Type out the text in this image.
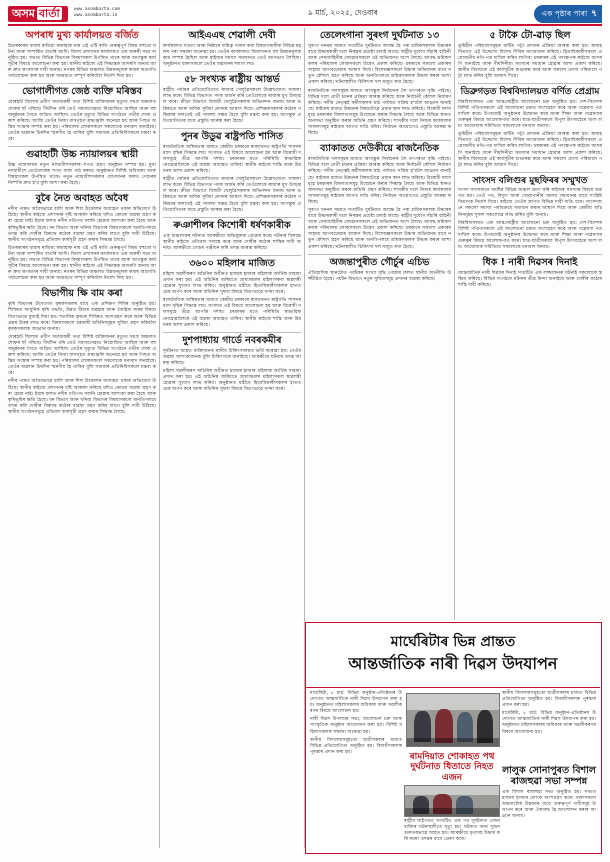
অসম বাৰ্তা	www.asombarta.com
www.asombarta.in	৯ মাৰ্চ, ২০২৫, দেওবাৰ	এক পৃষ্ঠাৰ পাৰা ৭
অপৰাধ মুখ্য কাৰ্যালয়ত বৰ্জিত

চিতৰকাৰৰ বাবাৰ ৰাতিয়া কামাহাক নাম এই এটি ৰাতি গুৰুত্বপূৰ্ণ বিষয় বহুতো ঘটনা আৰু সম্পৰ্কিত বাতৰি আদি। জিলা প্ৰশাসনৰ কাৰ্যালয়ত এক জৰুৰী সভা অনুষ্ঠিত হয়। সভাত বিভিন্ন বিভাগৰ বিষয়াসকল উপস্থিত থাকে আৰু আগন্তুক কাৰ্যসূচীৰ বিষয়ে আলোচনা কৰা হয়। স্থানীয় ৰাইজে এই সিদ্ধান্তক আদৰণি জনায় আৰু দ্ৰুত ৰূপায়ণৰ দাবী জনায়। নগৰৰ বিভিন্ন অঞ্চলত উন্নয়নমূলক কামৰ অগ্ৰগতি পৰ্যালোচনা কৰা হয় আৰু সময়মতে সম্পূৰ্ণ কৰিবলৈ নিৰ্দেশ দিয়া হয়।

ভোগালীগত জেষ্ঠ ব্যক্তি মৰিস্তব

যোৰহাট জিলাৰ প্ৰবীণ সমাজকৰ্মী তথা বিশিষ্ট ব্যক্তিজনৰ মৃত্যুত সমগ্ৰ অঞ্চলত শোকৰ ছাঁ পৰিছে। দীৰ্ঘদিন ধৰি তেওঁ সমাজসেৱাত নিয়োজিত আছিল আৰু বহু অনুষ্ঠানৰ সৈতে জড়িত আছিল। তেওঁৰ মৃত্যুত বিভিন্ন সংগঠনে গভীৰ শোক প্ৰকাশ কৰিছে। আজি তেওঁৰ নিজা বাসগৃহত শ্ৰদ্ধাঞ্জলি জনোৱা হয় আৰু পিছত অন্তিম সংস্কাৰ সম্পন্ন কৰা হয়। পৰিয়ালৰ লোকসকলে সকলোকে ধন্যবাদ জনাইছে। তেওঁৰ অৱদান চিৰদিন স্মৰণীয় হৈ থাকিব বুলি সমাজৰ প্ৰতিনিধিসকলে মন্তব্য কৰে।

গুৱাহাটী উচ্চ ন্যায়ালয়ৰ স্থায়ী

উচ্চ ন্যায়ালয়ৰ নতুন ন্যায়াধীশসকলৰ শপত গ্ৰহণ অনুষ্ঠান সম্পন্ন হয়। মুখ্য ন্যায়াধীশে তেওঁলোকক শপত বাক্য পাঠ কৰায়। অনুষ্ঠানত বিশিষ্ট অধিবক্তা আৰু বিষয়াসকল উপস্থিত থাকে। নতুন ন্যায়াধীশসকলৰ যোগদানৰ ফলত গোচৰৰ নিষ্পত্তি দ্ৰুত হ'ব বুলি আশা কৰা হৈছে।

বুৰৈ নৈত অবাহত অবৈধ

নদীৰ পাৰত অবৈধভাৱে বালি আৰু শিল উত্তোলন অব্যাহত থকাৰ অভিযোগ উঠিছে। স্থানীয় ৰাইজে প্ৰশাসনৰ দৃষ্টি আকৰ্ষণ কৰিছে যদিও কোনো ব্যৱস্থা গ্ৰহণ কৰা হোৱা নাই। ইয়াৰ ফলত নদীৰ গতিপথ সলনি হোৱাৰ আশংকা কৰা হৈছে আৰু কৃষিভূমিৰ ক্ষতি হৈছে। বন বিভাগ আৰু খনিজ বিভাগৰ বিষয়াসকলে অনতিপলমে তদন্ত কৰি দোষীৰ বিৰুদ্ধে কঠোৰ ব্যৱস্থা গ্ৰহণ কৰিব লাগে বুলি দাবী উঠিছে। স্থানীয় সংগঠনসমূহে প্ৰতিবাদ কাৰ্যসূচী গ্ৰহণ কৰাৰ সিদ্ধান্ত লৈছে।

চিতৰকাৰৰ বাবাৰ ৰাতিয়া কামাহাক নাম এই এটি ৰাতি গুৰুত্বপূৰ্ণ বিষয় বহুতো ঘটনা আৰু সম্পৰ্কিত বাতৰি আদি। জিলা প্ৰশাসনৰ কাৰ্যালয়ত এক জৰুৰী সভা অনুষ্ঠিত হয়। সভাত বিভিন্ন বিভাগৰ বিষয়াসকল উপস্থিত থাকে আৰু আগন্তুক কাৰ্যসূচীৰ বিষয়ে আলোচনা কৰা হয়। স্থানীয় ৰাইজে এই সিদ্ধান্তক আদৰণি জনায় আৰু দ্ৰুত ৰূপায়ণৰ দাবী জনায়। নগৰৰ বিভিন্ন অঞ্চলত উন্নয়নমূলক কামৰ অগ্ৰগতি পৰ্যালোচনা কৰা হয় আৰু সময়মতে সম্পূৰ্ণ কৰিবলৈ নিৰ্দেশ দিয়া হয়।

বিভাগীয় ক্ষি বাম কৰা

কৃষি বিভাগৰ উদ্যোগত কৃষকসকলৰ বাবে এক প্ৰশিক্ষণ শিবিৰ অনুষ্ঠিত হয়। শিবিৰত আধুনিক কৃষি পদ্ধতি, উন্নত বীজৰ ব্যৱহাৰ আৰু জৈৱিক সাৰৰ বিষয়ে বিতংভাৱে বুজাই দিয়া হয়। শতাধিক কৃষকে শিবিৰত অংশগ্ৰহণ কৰে আৰু বিভিন্ন প্ৰশ্নৰ উত্তৰ লাভ কৰে। বিষয়াসকলে চৰকাৰী আঁচনিসমূহৰ সুবিধা গ্ৰহণ কৰিবলৈ কৃষকসকলক আহ্বান জনায়।

যোৰহাট জিলাৰ প্ৰবীণ সমাজকৰ্মী তথা বিশিষ্ট ব্যক্তিজনৰ মৃত্যুত সমগ্ৰ অঞ্চলত শোকৰ ছাঁ পৰিছে। দীৰ্ঘদিন ধৰি তেওঁ সমাজসেৱাত নিয়োজিত আছিল আৰু বহু অনুষ্ঠানৰ সৈতে জড়িত আছিল। তেওঁৰ মৃত্যুত বিভিন্ন সংগঠনে গভীৰ শোক প্ৰকাশ কৰিছে। আজি তেওঁৰ নিজা বাসগৃহত শ্ৰদ্ধাঞ্জলি জনোৱা হয় আৰু পিছত অন্তিম সংস্কাৰ সম্পন্ন কৰা হয়। পৰিয়ালৰ লোকসকলে সকলোকে ধন্যবাদ জনাইছে। তেওঁৰ অৱদান চিৰদিন স্মৰণীয় হৈ থাকিব বুলি সমাজৰ প্ৰতিনিধিসকলে মন্তব্য কৰে।

নদীৰ পাৰত অবৈধভাৱে বালি আৰু শিল উত্তোলন অব্যাহত থকাৰ অভিযোগ উঠিছে। স্থানীয় ৰাইজে প্ৰশাসনৰ দৃষ্টি আকৰ্ষণ কৰিছে যদিও কোনো ব্যৱস্থা গ্ৰহণ কৰা হোৱা নাই। ইয়াৰ ফলত নদীৰ গতিপথ সলনি হোৱাৰ আশংকা কৰা হৈছে আৰু কৃষিভূমিৰ ক্ষতি হৈছে। বন বিভাগ আৰু খনিজ বিভাগৰ বিষয়াসকলে অনতিপলমে তদন্ত কৰি দোষীৰ বিৰুদ্ধে কঠোৰ ব্যৱস্থা গ্ৰহণ কৰিব লাগে বুলি দাবী উঠিছে। স্থানীয় সংগঠনসমূহে প্ৰতিবাদ কাৰ্যসূচী গ্ৰহণ কৰাৰ সিদ্ধান্ত লৈছে।

আইএএছ শেৱালী দেবী

কাৰ্যকালত সততা আৰু নিষ্ঠাৰে দায়িত্ব পালন কৰা বিষয়াগৰাকীক বিভিন্ন মহলৰ পৰা সম্বৰ্ধনা জনোৱা হয়। তেওঁৰ কাৰ্যকালত জিলাখনত বহু উন্নয়নমূলক কাম সম্পন্ন হৈছিল আৰু ৰাইজৰ সমস্যা সমাধানত তেওঁ আগভাগ লৈছিল। অনুষ্ঠানত বক্তাসকলে তেওঁৰ অৱদানৰ শলাগ লয়।

৫৮ সংখ্যক ৰাষ্ট্ৰীয় আন্তৰ্ভ

ৰাষ্ট্ৰীয় পৰ্যায়ৰ প্ৰতিযোগিতাত ৰাজ্যৰ খেলুৱৈসকলে উল্লেখযোগ্য সাফল্য লাভ কৰে। বিভিন্ন বিভাগত পদক অৰ্জন কৰি তেওঁলোকে ৰাজ্যৰ মুখ উজ্জ্বল কৰে। ক্ৰীড়া বিভাগে বিজয়ী খেলুৱৈসকলক অভিনন্দন জনায় আৰু ভৱিষ্যতে আৰু অধিক সুবিধা প্ৰদানৰ আশ্বাস দিয়ে। প্ৰশিক্ষকসকলৰ কঠোৰ পৰিশ্ৰমৰ ফলতেই এই সাফল্য সম্ভৱ হৈছে বুলি মন্তব্য কৰা হয়। আগন্তুক প্ৰতিযোগিতাৰ বাবে প্ৰস্তুতি আৰম্ভ কৰা হৈছে।

পুনৰ উডুৱ ৰাষ্ট্ৰপতি শাসিত

ৰাজনৈতিক অস্থিৰতাৰ মাজত কেন্দ্ৰীয় চৰকাৰে ৰাজ্যখনত ৰাষ্ট্ৰপতি শাসনৰ ম্যাদ বৃদ্ধিৰ সিদ্ধান্ত লয়। সংসদত এই বিষয়ে আলোচনা হয় আৰু বিৰোধী দলসমূহে তীব্ৰ আপত্তি দৰ্শায়। চৰকাৰৰ মতে পৰিস্থিতি স্বাভাৱিক নোহোৱালৈকে এই ব্যৱস্থা অব্যাহত থাকিব। স্থানীয় ৰাইজে শান্তি আৰু উন্নয়নৰ আশা প্ৰকাশ কৰিছে।

ৰাষ্ট্ৰীয় পৰ্যায়ৰ প্ৰতিযোগিতাত ৰাজ্যৰ খেলুৱৈসকলে উল্লেখযোগ্য সাফল্য লাভ কৰে। বিভিন্ন বিভাগত পদক অৰ্জন কৰি তেওঁলোকে ৰাজ্যৰ মুখ উজ্জ্বল কৰে। ক্ৰীড়া বিভাগে বিজয়ী খেলুৱৈসকলক অভিনন্দন জনায় আৰু ভৱিষ্যতে আৰু অধিক সুবিধা প্ৰদানৰ আশ্বাস দিয়ে। প্ৰশিক্ষকসকলৰ কঠোৰ পৰিশ্ৰমৰ ফলতেই এই সাফল্য সম্ভৱ হৈছে বুলি মন্তব্য কৰা হয়। আগন্তুক প্ৰতিযোগিতাৰ বাবে প্ৰস্তুতি আৰম্ভ কৰা হৈছে।

ৰুঞাশীলৰ কিশোৰী ধৰ্ষণকাৰীক

এক চাঞ্চল্যকৰ ঘটনাত আৰক্ষীয়ে অভিযুক্তক গ্ৰেপ্তাৰ কৰে। ঘটনাৰ বিৰুদ্ধে স্থানীয় ৰাইজে প্ৰতিবাদ সাব্যস্ত কৰে আৰু দোষীৰ কঠোৰ শাস্তিৰ দাবী জনায়। আৰক্ষীয়ে গোচৰ পঞ্জীয়ন কৰি তদন্ত আৰম্ভ কৰিছে।

৩৬০০ মহিলাৰ মাজিত

মহিলা সৱলীকৰণ আঁচনিৰ অধীনত হাজাৰ হাজাৰ মহিলাক আৰ্থিক সাহায্য প্ৰদান কৰা হয়। এই আঁচনিৰ জৰিয়তে গ্ৰাম্যাঞ্চলৰ মহিলাসকল স্বাৱলম্বী হোৱাৰ সুযোগ লাভ কৰিব। অনুষ্ঠানত মন্ত্ৰীয়ে হিতাধিকাৰীসকলৰ হাতত চেক অৰ্পণ কৰে আৰু আঁচনিৰ সুফল বিষয়ে বিতংভাৱে বৰ্ণনা কৰে।

ৰাজনৈতিক অস্থিৰতাৰ মাজত কেন্দ্ৰীয় চৰকাৰে ৰাজ্যখনত ৰাষ্ট্ৰপতি শাসনৰ ম্যাদ বৃদ্ধিৰ সিদ্ধান্ত লয়। সংসদত এই বিষয়ে আলোচনা হয় আৰু বিৰোধী দলসমূহে তীব্ৰ আপত্তি দৰ্শায়। চৰকাৰৰ মতে পৰিস্থিতি স্বাভাৱিক নোহোৱালৈকে এই ব্যৱস্থা অব্যাহত থাকিব। স্থানীয় ৰাইজে শান্তি আৰু উন্নয়নৰ আশা প্ৰকাশ কৰিছে।

দুশপাধ্যায় গাৰ্ডে নবৰকমীৰ

দূৰ্ঘটনাত আহত ব্যক্তিজনক স্থানীয় চিকিৎসালয়ত ভৰ্তি কৰোৱা হয়। তেওঁৰ অৱস্থা আশংকাজনক বুলি চিকিৎসকে জনাইছে। আৰক্ষীয়ে ঘটনাৰ তদন্ত আৰম্ভ কৰিছে।

মহিলা সৱলীকৰণ আঁচনিৰ অধীনত হাজাৰ হাজাৰ মহিলাক আৰ্থিক সাহায্য প্ৰদান কৰা হয়। এই আঁচনিৰ জৰিয়তে গ্ৰাম্যাঞ্চলৰ মহিলাসকল স্বাৱলম্বী হোৱাৰ সুযোগ লাভ কৰিব। অনুষ্ঠানত মন্ত্ৰীয়ে হিতাধিকাৰীসকলৰ হাতত চেক অৰ্পণ কৰে আৰু আঁচনিৰ সুফল বিষয়ে বিতংভাৱে বৰ্ণনা কৰে।

তেলেংগানা সুৰংগ দুৰ্ঘটনাত ১৩

সুৰংগ খননৰ সময়ত সংঘটিত দুৰ্ঘটনাত আবদ্ধ হৈ পৰা শ্ৰমিকসকলক উদ্ধাৰৰ বাবে উদ্ধাৰকাৰী দলে নিৰন্তৰ প্ৰচেষ্টা চলাই আছে। ৰাষ্ট্ৰীয় দুৰ্যোগ সঁহাৰি বাহিনী আৰু সেনাবাহিনীৰ জোৱানসকলে এই অভিযানত অংশ লৈছে। আবদ্ধ শ্ৰমিকসকলৰ পৰিয়ালৰ লোকসকলে উদ্বেগ প্ৰকাশ কৰিছে। চৰকাৰে সকলো প্ৰকাৰৰ সাহায্য আগবঢ়োৱাৰ আশ্বাস দিছে। বিশেষজ্ঞসকলে উদ্ধাৰ অভিযানৰ বাবে নতুন কৌশল গ্ৰহণ কৰিছে আৰু অনতিপলমে শ্ৰমিকসকলক উদ্ধাৰ কৰাৰ আশা প্ৰকাশ কৰিছে। ঘটনাস্থলীত চিকিৎসা দল মজুত ৰখা হৈছে।

ৰাজনৈতিক দলসমূহৰ মাজত আগন্তুক নিৰ্বাচনক লৈ তৎপৰতা বৃদ্ধি পাইছে। বিভিন্ন দলে প্ৰাৰ্থী চয়নৰ প্ৰক্ৰিয়া আৰম্ভ কৰিছে আৰু নিৰ্বাচনী কৌশল নিৰ্ধাৰণ কৰিছে। দলীয় নেতৃত্বই কৰ্মীসকলক মাঠ পৰ্যায়ত সক্ৰিয় হ'বলৈ আহ্বান জনাইছে। ৰাইজৰ মাজত উন্নয়নৰ বিষয়টোৱে প্ৰধান স্থান লাভ কৰিছে। বিৰোধী দলসমূহে চৰকাৰৰ বিফলতাসমূহ উন্মোচন কৰাৰ সিদ্ধান্ত লৈছে আৰু বিভিন্ন স্থানত জনসভা অনুষ্ঠিত কৰাৰ আঁচনি গ্ৰহণ কৰিছে। শাসকীয় দলে নিজৰ কাৰ্যকালৰ সাফল্যসমূহ ৰাইজৰ আগত দাঙি ধৰিব। নিৰ্বাচন আয়োগেও প্ৰস্তুতি আৰম্ভ কৰিছে।

ব্যাকাতত দেউকীয়ে ৰাজনৈতিক

ৰাজনৈতিক দলসমূহৰ মাজত আগন্তুক নিৰ্বাচনক লৈ তৎপৰতা বৃদ্ধি পাইছে। বিভিন্ন দলে প্ৰাৰ্থী চয়নৰ প্ৰক্ৰিয়া আৰম্ভ কৰিছে আৰু নিৰ্বাচনী কৌশল নিৰ্ধাৰণ কৰিছে। দলীয় নেতৃত্বই কৰ্মীসকলক মাঠ পৰ্যায়ত সক্ৰিয় হ'বলৈ আহ্বান জনাইছে। ৰাইজৰ মাজত উন্নয়নৰ বিষয়টোৱে প্ৰধান স্থান লাভ কৰিছে। বিৰোধী দলসমূহে চৰকাৰৰ বিফলতাসমূহ উন্মোচন কৰাৰ সিদ্ধান্ত লৈছে আৰু বিভিন্ন স্থানত জনসভা অনুষ্ঠিত কৰাৰ আঁচনি গ্ৰহণ কৰিছে। শাসকীয় দলে নিজৰ কাৰ্যকালৰ সাফল্যসমূহ ৰাইজৰ আগত দাঙি ধৰিব। নিৰ্বাচন আয়োগেও প্ৰস্তুতি আৰম্ভ কৰিছে।

সুৰংগ খননৰ সময়ত সংঘটিত দুৰ্ঘটনাত আবদ্ধ হৈ পৰা শ্ৰমিকসকলক উদ্ধাৰৰ বাবে উদ্ধাৰকাৰী দলে নিৰন্তৰ প্ৰচেষ্টা চলাই আছে। ৰাষ্ট্ৰীয় দুৰ্যোগ সঁহাৰি বাহিনী আৰু সেনাবাহিনীৰ জোৱানসকলে এই অভিযানত অংশ লৈছে। আবদ্ধ শ্ৰমিকসকলৰ পৰিয়ালৰ লোকসকলে উদ্বেগ প্ৰকাশ কৰিছে। চৰকাৰে সকলো প্ৰকাৰৰ সাহায্য আগবঢ়োৱাৰ আশ্বাস দিছে। বিশেষজ্ঞসকলে উদ্ধাৰ অভিযানৰ বাবে নতুন কৌশল গ্ৰহণ কৰিছে আৰু অনতিপলমে শ্ৰমিকসকলক উদ্ধাৰ কৰাৰ আশা প্ৰকাশ কৰিছে। ঘটনাস্থলীত চিকিৎসা দল মজুত ৰখা হৈছে।

অজন্তাপুৰীত গৌৰ্চুৰ এচিভ

ঐতিহাসিক স্থানটোত পৰ্যটকৰ সংখ্যা বৃদ্ধি পোৱাৰ ফলত স্থানীয় অৰ্থনীতি উজ্জীৱিত হৈছে। পৰ্যটন বিভাগে নতুন সুবিধাসমূহ প্ৰদানৰ ব্যৱস্থা কৰিছে।

৫ টাকৈ টো-ৱাড় ছিল

ভূমিহীন পৰিয়ালসমূহক মাটিৰ পট্টা প্ৰদানৰ প্ৰক্ৰিয়া আৰম্ভ কৰা হয়। ৰাজহ বিভাগে এই উদ্দেশ্যে বিশেষ শিবিৰ আয়োজন কৰিছে। হিতাধিকাৰীসকলে প্ৰয়োজনীয় নথি-পত্ৰ দাখিল কৰিব লাগিব। চৰকাৰৰ এই পদক্ষেপক ৰাইজে আদৰণি জনাইছে আৰু দীৰ্ঘদিনীয়া সমস্যাৰ সমাধান হোৱাৰ আশা প্ৰকাশ কৰিছে। স্থানীয় বিধায়কে এই কাৰ্যসূচীৰ শুভাৰম্ভ কৰে আৰু সকলো যোগ্য পৰিয়ালে পট্টা লাভ কৰিব বুলি আশ্বাস দিয়ে।

ডিব্ৰুগড়ত বিশ্ববিদ্যালয়ত বৰ্ণিত প্ৰেগ্ৰাম

বিশ্ববিদ্যালয়ত এক আন্তঃৰাষ্ট্ৰীয় আলোচনা চক্ৰ অনুষ্ঠিত হয়। দেশ-বিদেশৰ বিশিষ্ট পণ্ডিতসকলে এই আলোচনা চক্ৰত অংশগ্ৰহণ কৰে আৰু গৱেষণা পত্ৰ দাখিল কৰে। উপাচাৰ্যই অনুষ্ঠানৰ উদ্বোধন কৰে আৰু শিক্ষা আৰু গৱেষণাৰ গুৰুত্বৰ বিষয়ে আলোকপাত কৰে। ছাত্ৰ-ছাত্ৰীসকলে বিপুল উৎসাহেৰে অংশ লয়। আয়োজক সমিতিয়ে সকলোকে ধন্যবাদ জনায়।

ভূমিহীন পৰিয়ালসমূহক মাটিৰ পট্টা প্ৰদানৰ প্ৰক্ৰিয়া আৰম্ভ কৰা হয়। ৰাজহ বিভাগে এই উদ্দেশ্যে বিশেষ শিবিৰ আয়োজন কৰিছে। হিতাধিকাৰীসকলে প্ৰয়োজনীয় নথি-পত্ৰ দাখিল কৰিব লাগিব। চৰকাৰৰ এই পদক্ষেপক ৰাইজে আদৰণি জনাইছে আৰু দীৰ্ঘদিনীয়া সমস্যাৰ সমাধান হোৱাৰ আশা প্ৰকাশ কৰিছে। স্থানীয় বিধায়কে এই কাৰ্যসূচীৰ শুভাৰম্ভ কৰে আৰু সকলো যোগ্য পৰিয়ালে পট্টা লাভ কৰিব বুলি আশ্বাস দিয়ে।

সাংসদ বলিগুৰ মুছফিৰৰ সম্মুখত

সংসদ সদস্যজনে সমষ্টিৰ বিভিন্ন অঞ্চল ভ্ৰমণ কৰি ৰাইজৰ সমস্যাৰ বিষয়ে অৱগত হয়। তেওঁ পথ, বিদ্যুৎ আৰু খোৱাপানীৰ সমস্যা সমাধানৰ বাবে সংশ্লিষ্ট বিভাগক নিৰ্দেশ দিয়ে। ৰাইজে তেওঁৰ আগত বিভিন্ন দাবী দাঙি ধৰে। সাংসদজনে সকলো সমস্যা পৰ্যায়ক্ৰমে সমাধান কৰাৰ আশ্বাস দিয়ে আৰু কেন্দ্ৰীয় আঁচনিসমূহৰ সুফল সকলোৱে লাভ কৰিব বুলি জনায়।

বিশ্ববিদ্যালয়ত এক আন্তঃৰাষ্ট্ৰীয় আলোচনা চক্ৰ অনুষ্ঠিত হয়। দেশ-বিদেশৰ বিশিষ্ট পণ্ডিতসকলে এই আলোচনা চক্ৰত অংশগ্ৰহণ কৰে আৰু গৱেষণা পত্ৰ দাখিল কৰে। উপাচাৰ্যই অনুষ্ঠানৰ উদ্বোধন কৰে আৰু শিক্ষা আৰু গৱেষণাৰ গুৰুত্বৰ বিষয়ে আলোকপাত কৰে। ছাত্ৰ-ছাত্ৰীসকলে বিপুল উৎসাহেৰে অংশ লয়। আয়োজক সমিতিয়ে সকলোকে ধন্যবাদ জনায়।

ধিক ! নাৰী দিৱসৰ দিনাই

আন্তৰ্জাতিক নাৰী দিৱসৰ দিনাই সংঘটিত এক লজ্জাজনক ঘটনাই সকলোকে স্তম্ভিত কৰিছে। বিভিন্ন সংগঠনে ঘটনাৰ তীব্ৰ নিন্দা জনাইছে আৰু দোষীৰ কঠোৰ শাস্তি দাবী কৰিছে।

মাৰ্ঘেৰিটাৰ ভিন্ন প্ৰান্তত
আন্তৰ্জাতিক নাৰী দিৱস উদযাপন

মাৰ্ঘেৰিটা, ৮ মাৰ্চ: বিভিন্ন অনুষ্ঠান-প্ৰতিষ্ঠানৰ উদ্যোগত আন্তৰ্জাতিক নাৰী দিৱস উদযাপন কৰা হয়। অনুষ্ঠানত মহিলাসকলৰ অধিকাৰ আৰু সৱলীকৰণৰ বিষয়ে আলোচনা হয়।

নাৰী দিৱস উপলক্ষে সভা, আলোচনা চক্ৰ আৰু সাংস্কৃতিক অনুষ্ঠান আয়োজন কৰা হয়। বিশিষ্ট মহিলাসকলক সম্বৰ্ধনা জনোৱা হয়।

স্থানীয় বিদ্যালয়সমূহতো ছাত্ৰীসকলৰ মাজত বিভিন্ন প্ৰতিযোগিতা অনুষ্ঠিত হয়। বিজয়ীসকলক পুৰস্কাৰ প্ৰদান কৰা হয়।

স্থানীয় বিদ্যালয়সমূহতো ছাত্ৰীসকলৰ মাজত বিভিন্ন প্ৰতিযোগিতা অনুষ্ঠিত হয়। বিজয়ীসকলক পুৰস্কাৰ প্ৰদান কৰা হয়।

মাৰ্ঘেৰিটা, ৮ মাৰ্চ: বিভিন্ন অনুষ্ঠান-প্ৰতিষ্ঠানৰ উদ্যোগত আন্তৰ্জাতিক নাৰী দিৱস উদযাপন কৰা হয়। অনুষ্ঠানত মহিলাসকলৰ অধিকাৰ আৰু সৱলীকৰণৰ বিষয়ে আলোচনা হয়।

ৰামদিয়াত শোকাহত পথ দুৰ্ঘটনাত ধিতাতে নিহত এজন
লালুক সোনাপুৰত বিশাল ৰাজহুৱা সভা সম্পন্ন

এক বিশাল ৰাজহুৱা সভা অনুষ্ঠিত হয়। সভাত হাজাৰ হাজাৰ লোকে অংশগ্ৰহণ কৰে। বক্তাসকলে অঞ্চলটোৰ উন্নয়নৰ বাবে গুৰুত্বপূৰ্ণ দাবীসমূহ উত্থাপন কৰে আৰু ঐক্যবদ্ধ হৈ আন্দোলন কৰাৰ আহ্বান জনায়।

ৰাষ্ট্ৰীয় ঘাইপথত সংঘটিত এক পথ দুৰ্ঘটনাত এজন ব্যক্তিৰ ঘটনাস্থলীতে মৃত্যু হয়। ঘটনাত আন দুজন গুৰুতৰভাৱে আহত হয়। আৰক্ষীয়ে মৃতদেহ উদ্ধাৰ কৰি ময়না তদন্তৰ বাবে প্ৰেৰণ কৰে।
